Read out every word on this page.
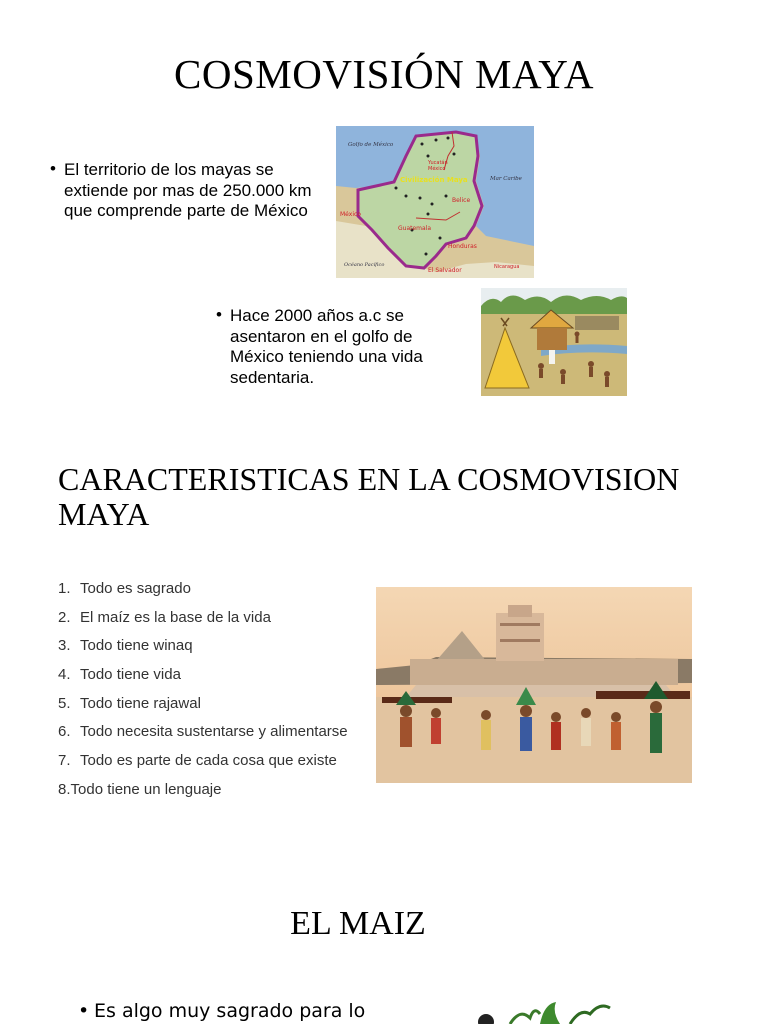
COSMOVISIÓN MAYA
• El territorio de los mayas se extiende por mas de 250.000 km que comprende parte de México
Golfo de México
Mar Caribe
Civilización Maya
Yucatán
México
México
Belice
Guatemala
Honduras
El Salvador	Nicaragua
Océano Pacífico
• Hace 2000 años a.c se asentaron en el golfo de México teniendo una vida sedentaria.
CARACTERISTICAS EN LA COSMOVISION MAYA
1. Todo es sagrado
2. El maíz es la base de la vida
3. Todo tiene winaq
4. Todo tiene vida
5. Todo tiene rajawal
6. Todo necesita sustentarse y alimentarse
7. Todo es parte de cada cosa que existe
8.Todo tiene un lenguaje
EL MAIZ
• Es algo muy sagrado para lo
